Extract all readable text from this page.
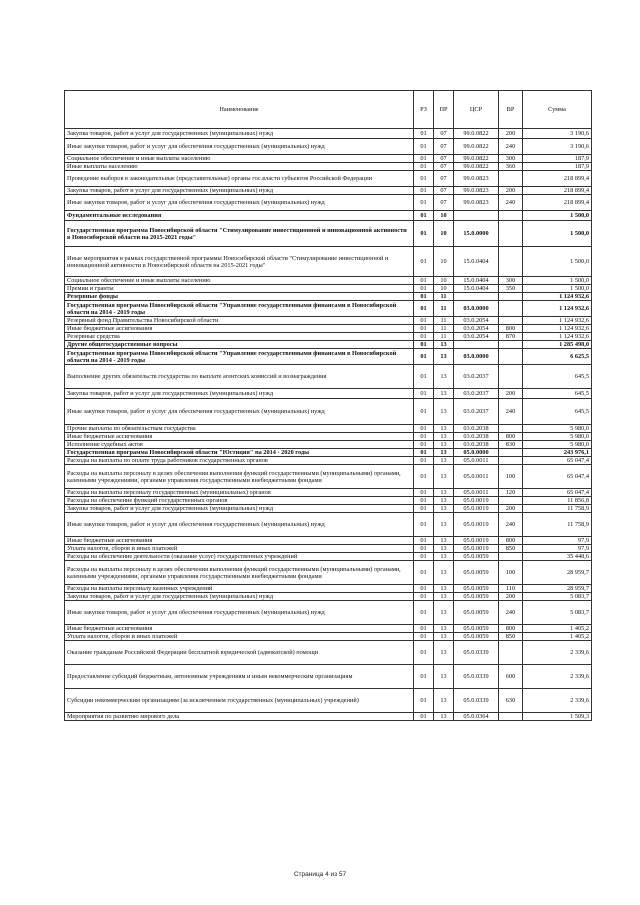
Наименование	РЗ	ПР	ЦСР	ВР	Сумма
Закупка товаров, работ и услуг для государственных (муниципальных) нужд	01	07	99.0.0822	200	3 190,6
Иные закупки товаров, работ и услуг для обеспечения государственных (муниципальных) нужд	01	07	99.0.0822	240	3 190,6
Социальное обеспечение и иные выплаты населению	01	07	99.0.0822	300	187,9
Иные выплаты населению	01	07	99.0.0822	360	187,9
Проведение выборов в законодательные (представительные) органы гос.власти субъектов Российской Федерации	01	07	99.0.0823		218 899,4
Закупка товаров, работ и услуг для государственных (муниципальных) нужд	01	07	99.0.0823	200	218 899,4
Иные закупки товаров, работ и услуг для обеспечения государственных (муниципальных) нужд	01	07	99.0.0823	240	218 899,4
Фундаментальные исследования	01	10			1 500,0
Государственная программа Новосибирской области "Стимулирование инвестиционной и инновационной активности в Новосибирской области на 2015-2021 годы"	01	10	15.0.0000		1 500,0
Иные мероприятия в рамках государственной программы Новосибирской области "Стимулирование инвестиционной и инновационной активности в Новосибирской области на 2015-2021 годы"	01	10	15.0.0404		1 500,0
Социальное обеспечение и иные выплаты населению	01	10	15.0.0404	300	1 500,0
Премии и гранты	01	10	15.0.0404	350	1 500,0
Резервные фонды	01	11			1 124 932,6
Государственная программа Новосибирской области "Управление государственными финансами в Новосибирской области на 2014 - 2019 годы	01	11	03.0.0000		1 124 932,6
Резервный фонд Правительства Новосибирской области	01	11	03.0.2054		1 124 932,6
Иные бюджетные ассигнования	01	11	03.0.2054	800	1 124 932,6
Резервные средства	01	11	03.0.2054	870	1 124 932,6
Другие общегосударственные вопросы	01	13			1 285 498,0
Государственная программа Новосибирской области "Управление государственными финансами в Новосибирской области на 2014 - 2019 годы	01	13	03.0.0000		6 625,5
Выполнение других обязательств государства по выплате агентских комиссий и вознаграждения	01	13	03.0.2037		645,5
Закупка товаров, работ и услуг для государственных (муниципальных) нужд	01	13	03.0.2037	200	645,5
Иные закупки товаров, работ и услуг для обеспечения государственных (муниципальных) нужд	01	13	03.0.2037	240	645,5
Прочие выплаты по обязательствам государства	01	13	03.0.2038		5 980,0
Иные бюджетные ассигнования	01	13	03.0.2038	800	5 980,0
Исполнение судебных актов	01	13	03.0.2038	830	5 980,0
Государственная программа Новосибирской области "Юстиция" на 2014 - 2020 годы	01	13	05.0.0000		243 976,1
Расходы на выплаты по оплате труда работников государственных органов	01	13	05.0.0011		65 047,4
Расходы на выплаты персоналу в целях обеспечения выполнения функций государственными (муниципальными) органами, казенными учреждениями, органами управления государственными внебюджетными фондами	01	13	05.0.0011	100	65 047,4
Расходы на выплаты персоналу государственных (муниципальных) органов	01	13	05.0.0011	120	65 047,4
Расходы на обеспечение функций государственных органов	01	13	05.0.0019		11 856,8
Закупка товаров, работ и услуг для государственных (муниципальных) нужд	01	13	05.0.0019	200	11 758,9
Иные закупки товаров, работ и услуг для обеспечения государственных (муниципальных) нужд	01	13	05.0.0019	240	11 758,9
Иные бюджетные ассигнования	01	13	05.0.0019	800	97,9
Уплата налогов, сборов и иных платежей	01	13	05.0.0019	850	97,9
Расходы на обеспечение деятельности (оказание услуг) государственных учреждений	01	13	05.0.0059		35 448,6
Расходы на выплаты персоналу в целях обеспечения выполнения функций государственными (муниципальными) органами, казенными учреждениями, органами управления государственными внебюджетными фондами	01	13	05.0.0059	100	28 959,7
Расходы на выплаты персоналу казенных учреждений	01	13	05.0.0059	110	28 959,7
Закупка товаров, работ и услуг для государственных (муниципальных) нужд	01	13	05.0.0059	200	5 083,7
Иные закупки товаров, работ и услуг для обеспечения государственных (муниципальных) нужд	01	13	05.0.0059	240	5 083,7
Иные бюджетные ассигнования	01	13	05.0.0059	800	1 405,2
Уплата налогов, сборов и иных платежей	01	13	05.0.0059	850	1 405,2
Оказание гражданам Российской Федерации бесплатной юридической (адвокатской) помощи	01	13	05.0.0339		2 339,6
Предоставление субсидий бюджетным, автономным учреждениям и иным некоммерческим организациям	01	13	05.0.0339	600	2 339,6
Субсидии некоммерческим организациям (за исключением государственных (муниципальных) учреждений)	01	13	05.0.0339	630	2 339,6
Мероприятия по развитию мирового дела	01	13	05.0.0364		1 509,3
Страница 4 из 57
